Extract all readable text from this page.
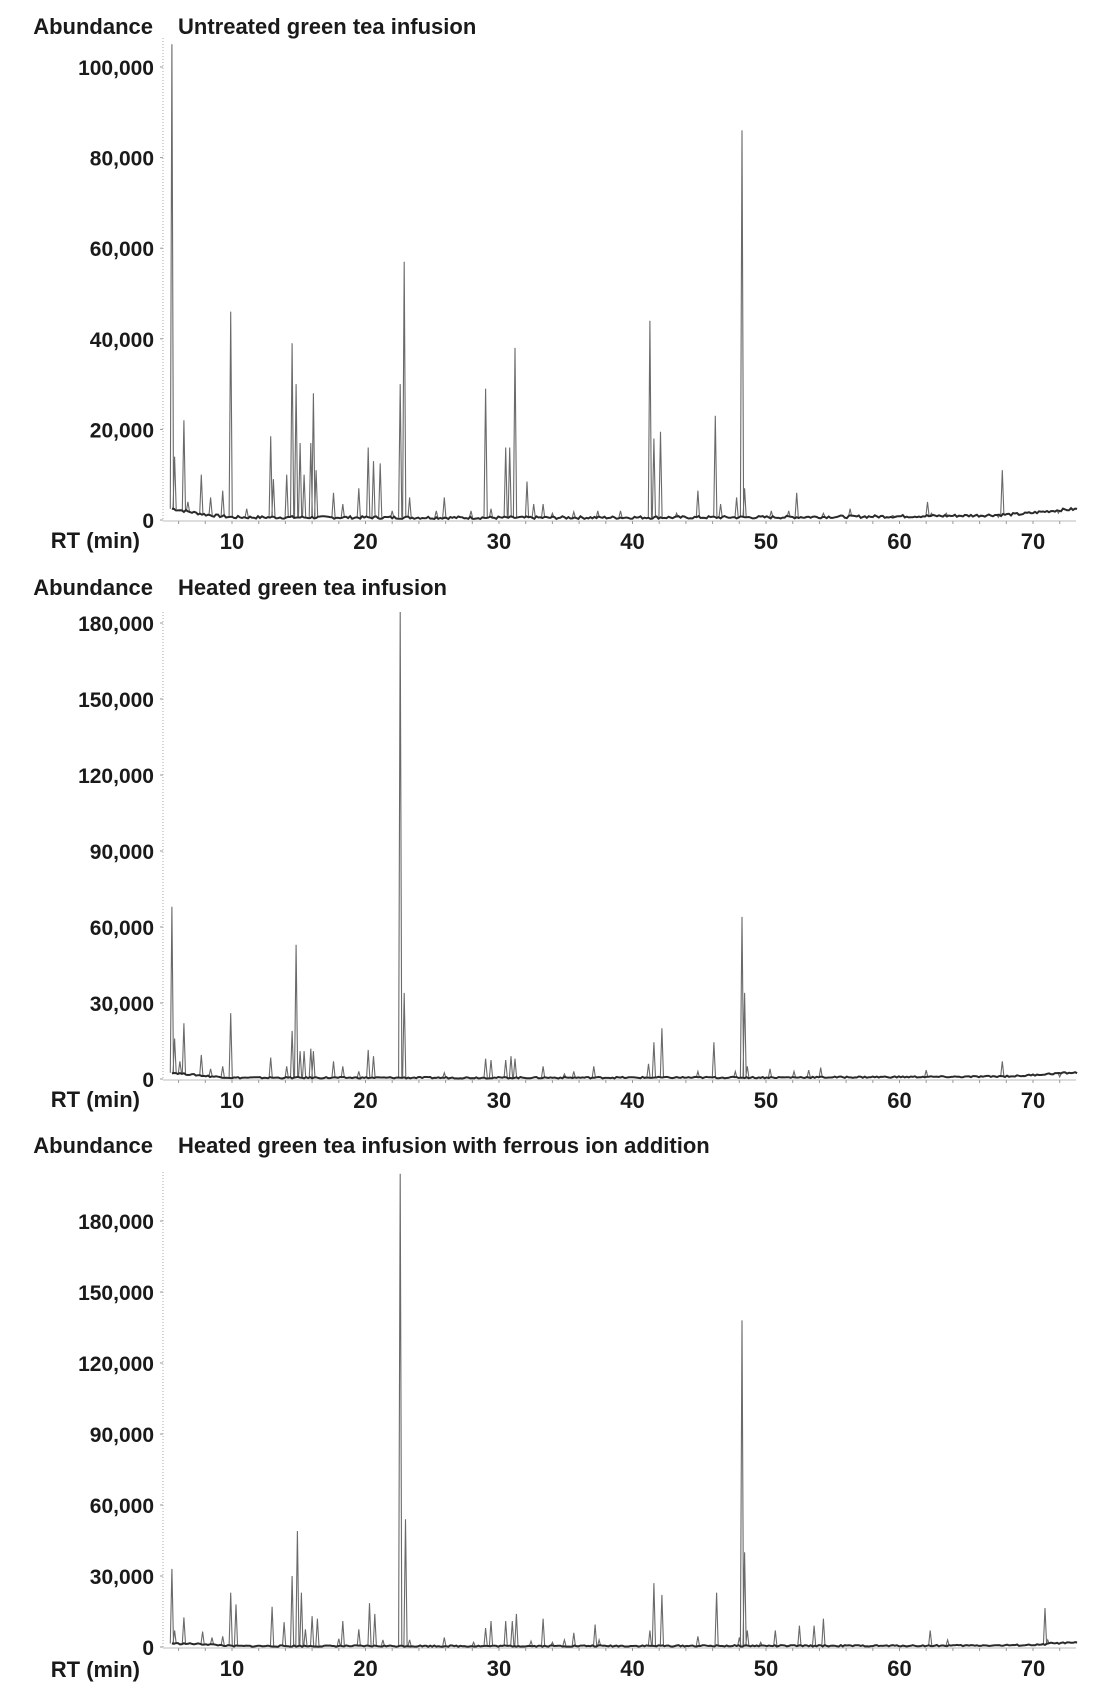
Abundance Untreated green tea infusion
0
20,000
40,000
60,000
80,000
100,000
10	20	30	40	50	60	70
RT (min)
Abundance Heated green tea infusion
0
30,000
60,000
90,000
120,000
150,000
180,000
10	20	30	40	50	60	70
RT (min)
Abundance Heated green tea infusion with ferrous ion addition
0
30,000
60,000
90,000
120,000
150,000
180,000
10	20	30	40	50	60	70
RT (min)
